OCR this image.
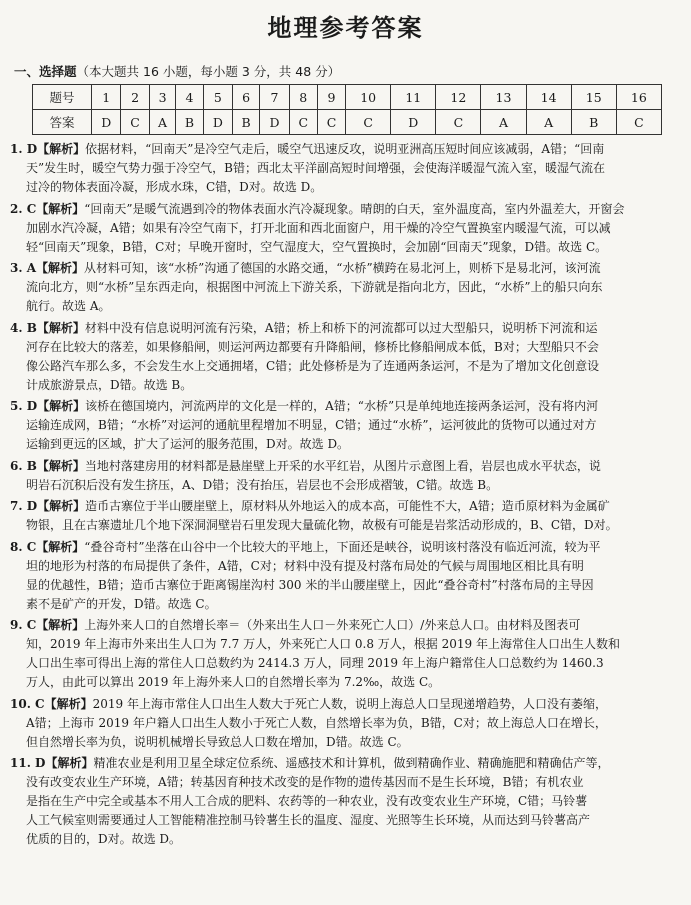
地理参考答案
一、选择题（本大题共 16 小题，每小题 3 分，共 48 分）
题号	1	2	3	4	5	6	7	8	9	10	11	12	13	14	15	16
答案	D	C	A	B	D	B	D	C	C	C	D	C	A	A	B	C
1. D【解析】依据材料，“回南天”是冷空气走后，暖空气迅速反攻，说明亚洲高压短时间应该减弱，A错；“回南
天”发生时，暖空气势力强于冷空气，B错；西北太平洋副高短时间增强，会使海洋暖湿气流入室，暖湿气流在
过冷的物体表面冷凝，形成水珠，C错，D对。故选 D。
2. C【解析】“回南天”是暖气流遇到冷的物体表面水汽冷凝现象。晴朗的白天，室外温度高，室内外温差大，开窗会
加剧水汽冷凝，A错；如果有冷空气南下，打开北面和西北面窗户，用干燥的冷空气置换室内暖湿气流，可以减
轻“回南天”现象，B错，C对；早晚开窗时，空气湿度大，空气置换时，会加剧“回南天”现象，D错。故选 C。
3. A【解析】从材料可知，该“水桥”沟通了德国的水路交通，“水桥”横跨在易北河上，则桥下是易北河，该河流
流向北方，则“水桥”呈东西走向，根据图中河流上下游关系，下游就是指向北方，因此，“水桥”上的船只向东
航行。故选 A。
4. B【解析】材料中没有信息说明河流有污染，A错；桥上和桥下的河流都可以过大型船只，说明桥下河流和运
河存在比较大的落差，如果修船闸，则运河两边都要有升降船闸，修桥比修船闸成本低，B对；大型船只不会
像公路汽车那么多，不会发生水上交通拥堵，C错；此处修桥是为了连通两条运河，不是为了增加文化创意设
计成旅游景点，D错。故选 B。
5. D【解析】该桥在德国境内，河流两岸的文化是一样的，A错；“水桥”只是单纯地连接两条运河，没有将内河
运输连成网，B错；“水桥”对运河的通航里程增加不明显，C错；通过“水桥”，运河彼此的货物可以通过对方
运输到更远的区域，扩大了运河的服务范围，D对。故选 D。
6. B【解析】当地村落建房用的材料都是悬崖壁上开采的水平红岩，从图片示意图上看，岩层也成水平状态，说
明岩石沉积后没有发生挤压，A、D错；没有抬压，岩层也不会形成褶皱，C错。故选 B。
7. D【解析】造币古寨位于半山腰崖壁上，原材料从外地运入的成本高，可能性不大，A错；造币原材料为金属矿
物银，且在古寨遗址几个地下深洞洞壁岩石里发现大量硫化物，故极有可能是岩浆活动形成的，B、C错，D对。
8. C【解析】“叠谷奇村”坐落在山谷中一个比较大的平地上，下面还是峡谷，说明该村落没有临近河流，较为平
坦的地形为村落的布局提供了条件，A错，C对；材料中没有提及村落布局处的气候与周围地区相比具有明
显的优越性，B错；造币古寨位于距离锡崖沟村 300 米的半山腰崖壁上，因此“叠谷奇村”村落布局的主导因
素不是矿产的开发，D错。故选 C。
9. C【解析】上海外来人口的自然增长率＝（外来出生人口－外来死亡人口）/外来总人口。由材料及图表可
知，2019 年上海市外来出生人口为 7.7 万人，外来死亡人口 0.8 万人，根据 2019 年上海常住人口出生人数和
人口出生率可得出上海的常住人口总数约为 2414.3 万人，同理 2019 年上海户籍常住人口总数约为 1460.3
万人，由此可以算出 2019 年上海外来人口的自然增长率为 7.2‰，故选 C。
10. C【解析】2019 年上海市常住人口出生人数大于死亡人数，说明上海总人口呈现递增趋势，人口没有萎缩，
A错；上海市 2019 年户籍人口出生人数小于死亡人数，自然增长率为负，B错，C对；故上海总人口在增长，
但自然增长率为负，说明机械增长导致总人口数在增加，D错。故选 C。
11. D【解析】精准农业是利用卫星全球定位系统、遥感技术和计算机，做到精确作业、精确施肥和精确估产等，
没有改变农业生产环境，A错；转基因育种技术改变的是作物的遗传基因而不是生长环境，B错；有机农业
是指在生产中完全或基本不用人工合成的肥料、农药等的一种农业，没有改变农业生产环境，C错；马铃薯
人工气候室则需要通过人工智能精准控制马铃薯生长的温度、湿度、光照等生长环境，从而达到马铃薯高产
优质的目的，D对。故选 D。
